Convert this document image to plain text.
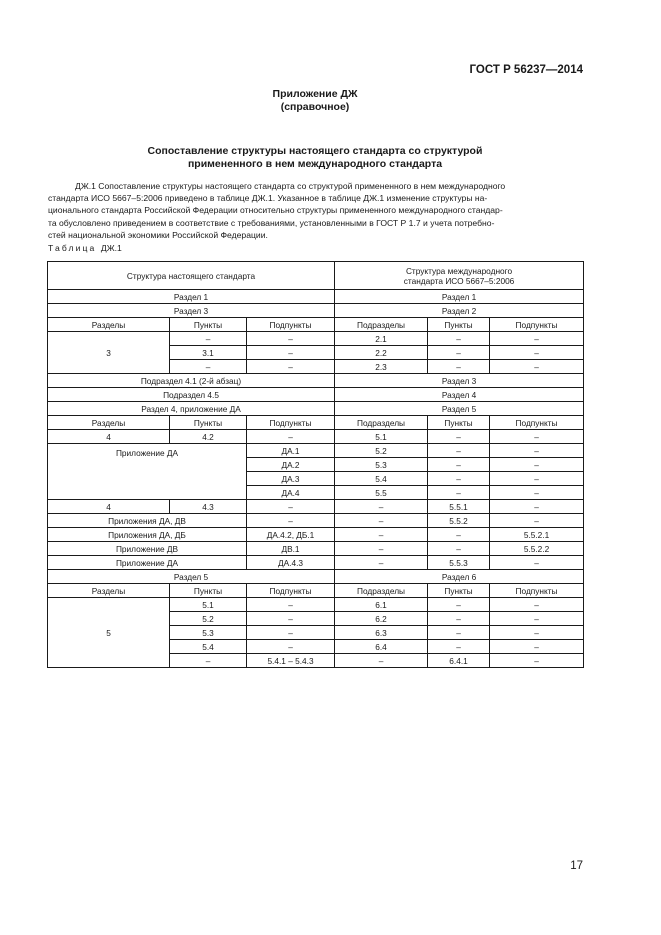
ГОСТ Р 56237—2014
Приложение ДЖ
(справочное)
Сопоставление структуры настоящего стандарта со структурой
примененного в нем международного стандарта
ДЖ.1 Сопоставление структуры настоящего стандарта со структурой примененного в нем международного
стандарта ИСО 5667–5:2006 приведено в таблице ДЖ.1. Указанное в таблице ДЖ.1 изменение структуры на-
ционального стандарта Российской Федерации относительно структуры примененного международного стандар-
та обусловлено приведением в соответствие с требованиями, установленными в ГОСТ Р 1.7 и учета потребно-
стей национальной экономики Российской Федерации.
Таблица ДЖ.1
Структура настоящего стандарта			Структура международного
стандарта ИСО 5667–5:2006		

Раздел 1			Раздел 1		
Раздел 3			Раздел 2		
Разделы	Пункты	Подпункты	Подразделы	Пункты	Подпункты
3	–	–	2.1	–	–
	3.1	–	2.2	–	–
	–	–	2.3	–	–
Подраздел 4.1 (2-й абзац)			Раздел 3		
Подраздел 4.5			Раздел 4		
Раздел 4, приложение ДА			Раздел 5		
Разделы	Пункты	Подпункты	Подразделы	Пункты	Подпункты
4	4.2	–	5.1	–	–
Приложение ДА		ДА.1	5.2	–	–
		ДА.2	5.3	–	–
		ДА.3	5.4	–	–
		ДА.4	5.5	–	–
4	4.3	–	–	5.5.1	–
Приложения ДА, ДВ		–	–	5.5.2	–
Приложения ДА, ДБ		ДА.4.2, ДБ.1	–	–	5.5.2.1
Приложение ДВ		ДВ.1	–	–	5.5.2.2
Приложение ДА		ДА.4.3	–	5.5.3	–
Раздел 5			Раздел 6		
Разделы	Пункты	Подпункты	Подразделы	Пункты	Подпункты
5	5.1	–	6.1	–	–
	5.2	–	6.2	–	–
	5.3	–	6.3	–	–
	5.4	–	6.4	–	–
	–	5.4.1 – 5.4.3	–	6.4.1	–
17
